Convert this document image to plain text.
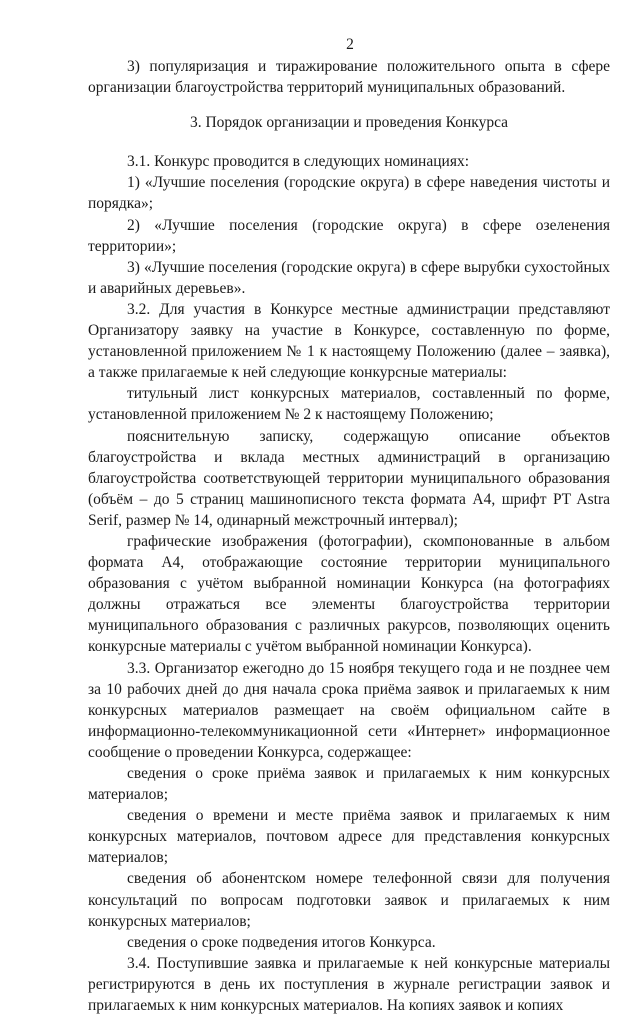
2

3) популяризация и тиражирование положительного опыта в сфере организации благоустройства территорий муниципальных образований.

3. Порядок организации и проведения Конкурса

3.1. Конкурс проводится в следующих номинациях:

1) «Лучшие поселения (городские округа) в сфере наведения чистоты и порядка»;

2) «Лучшие поселения (городские округа) в сфере озеленения территории»;

3) «Лучшие поселения (городские округа) в сфере вырубки сухостойных и аварийных деревьев».

3.2. Для участия в Конкурсе местные администрации представляют Организатору заявку на участие в Конкурсе, составленную по форме, установленной приложением № 1 к настоящему Положению (далее – заявка), а также прилагаемые к ней следующие конкурсные материалы:

титульный лист конкурсных материалов, составленный по форме, установленной приложением № 2 к настоящему Положению;

пояснительную записку, содержащую описание объектов благоустройства и вклада местных администраций в организацию благоустройства соответствующей территории муниципального образования (объём – до 5 страниц машинописного текста формата А4, шрифт PT Astra Serif, размер № 14, одинарный межстрочный интервал);

графические изображения (фотографии), скомпонованные в альбом формата А4, отображающие состояние территории муниципального образования с учётом выбранной номинации Конкурса (на фотографиях должны отражаться все элементы благоустройства территории муниципального образования с различных ракурсов, позволяющих оценить конкурсные материалы с учётом выбранной номинации Конкурса).

3.3. Организатор ежегодно до 15 ноября текущего года и не позднее чем за 10 рабочих дней до дня начала срока приёма заявок и прилагаемых к ним конкурсных материалов размещает на своём официальном сайте в информационно-телекоммуникационной сети «Интернет» информационное сообщение о проведении Конкурса, содержащее:

сведения о сроке приёма заявок и прилагаемых к ним конкурсных материалов;

сведения о времени и месте приёма заявок и прилагаемых к ним конкурсных материалов, почтовом адресе для представления конкурсных материалов;

сведения об абонентском номере телефонной связи для получения консультаций по вопросам подготовки заявок и прилагаемых к ним конкурсных материалов;

сведения о сроке подведения итогов Конкурса.

3.4. Поступившие заявка и прилагаемые к ней конкурсные материалы регистрируются в день их поступления в журнале регистрации заявок и прилагаемых к ним конкурсных материалов. На копиях заявок и копиях
